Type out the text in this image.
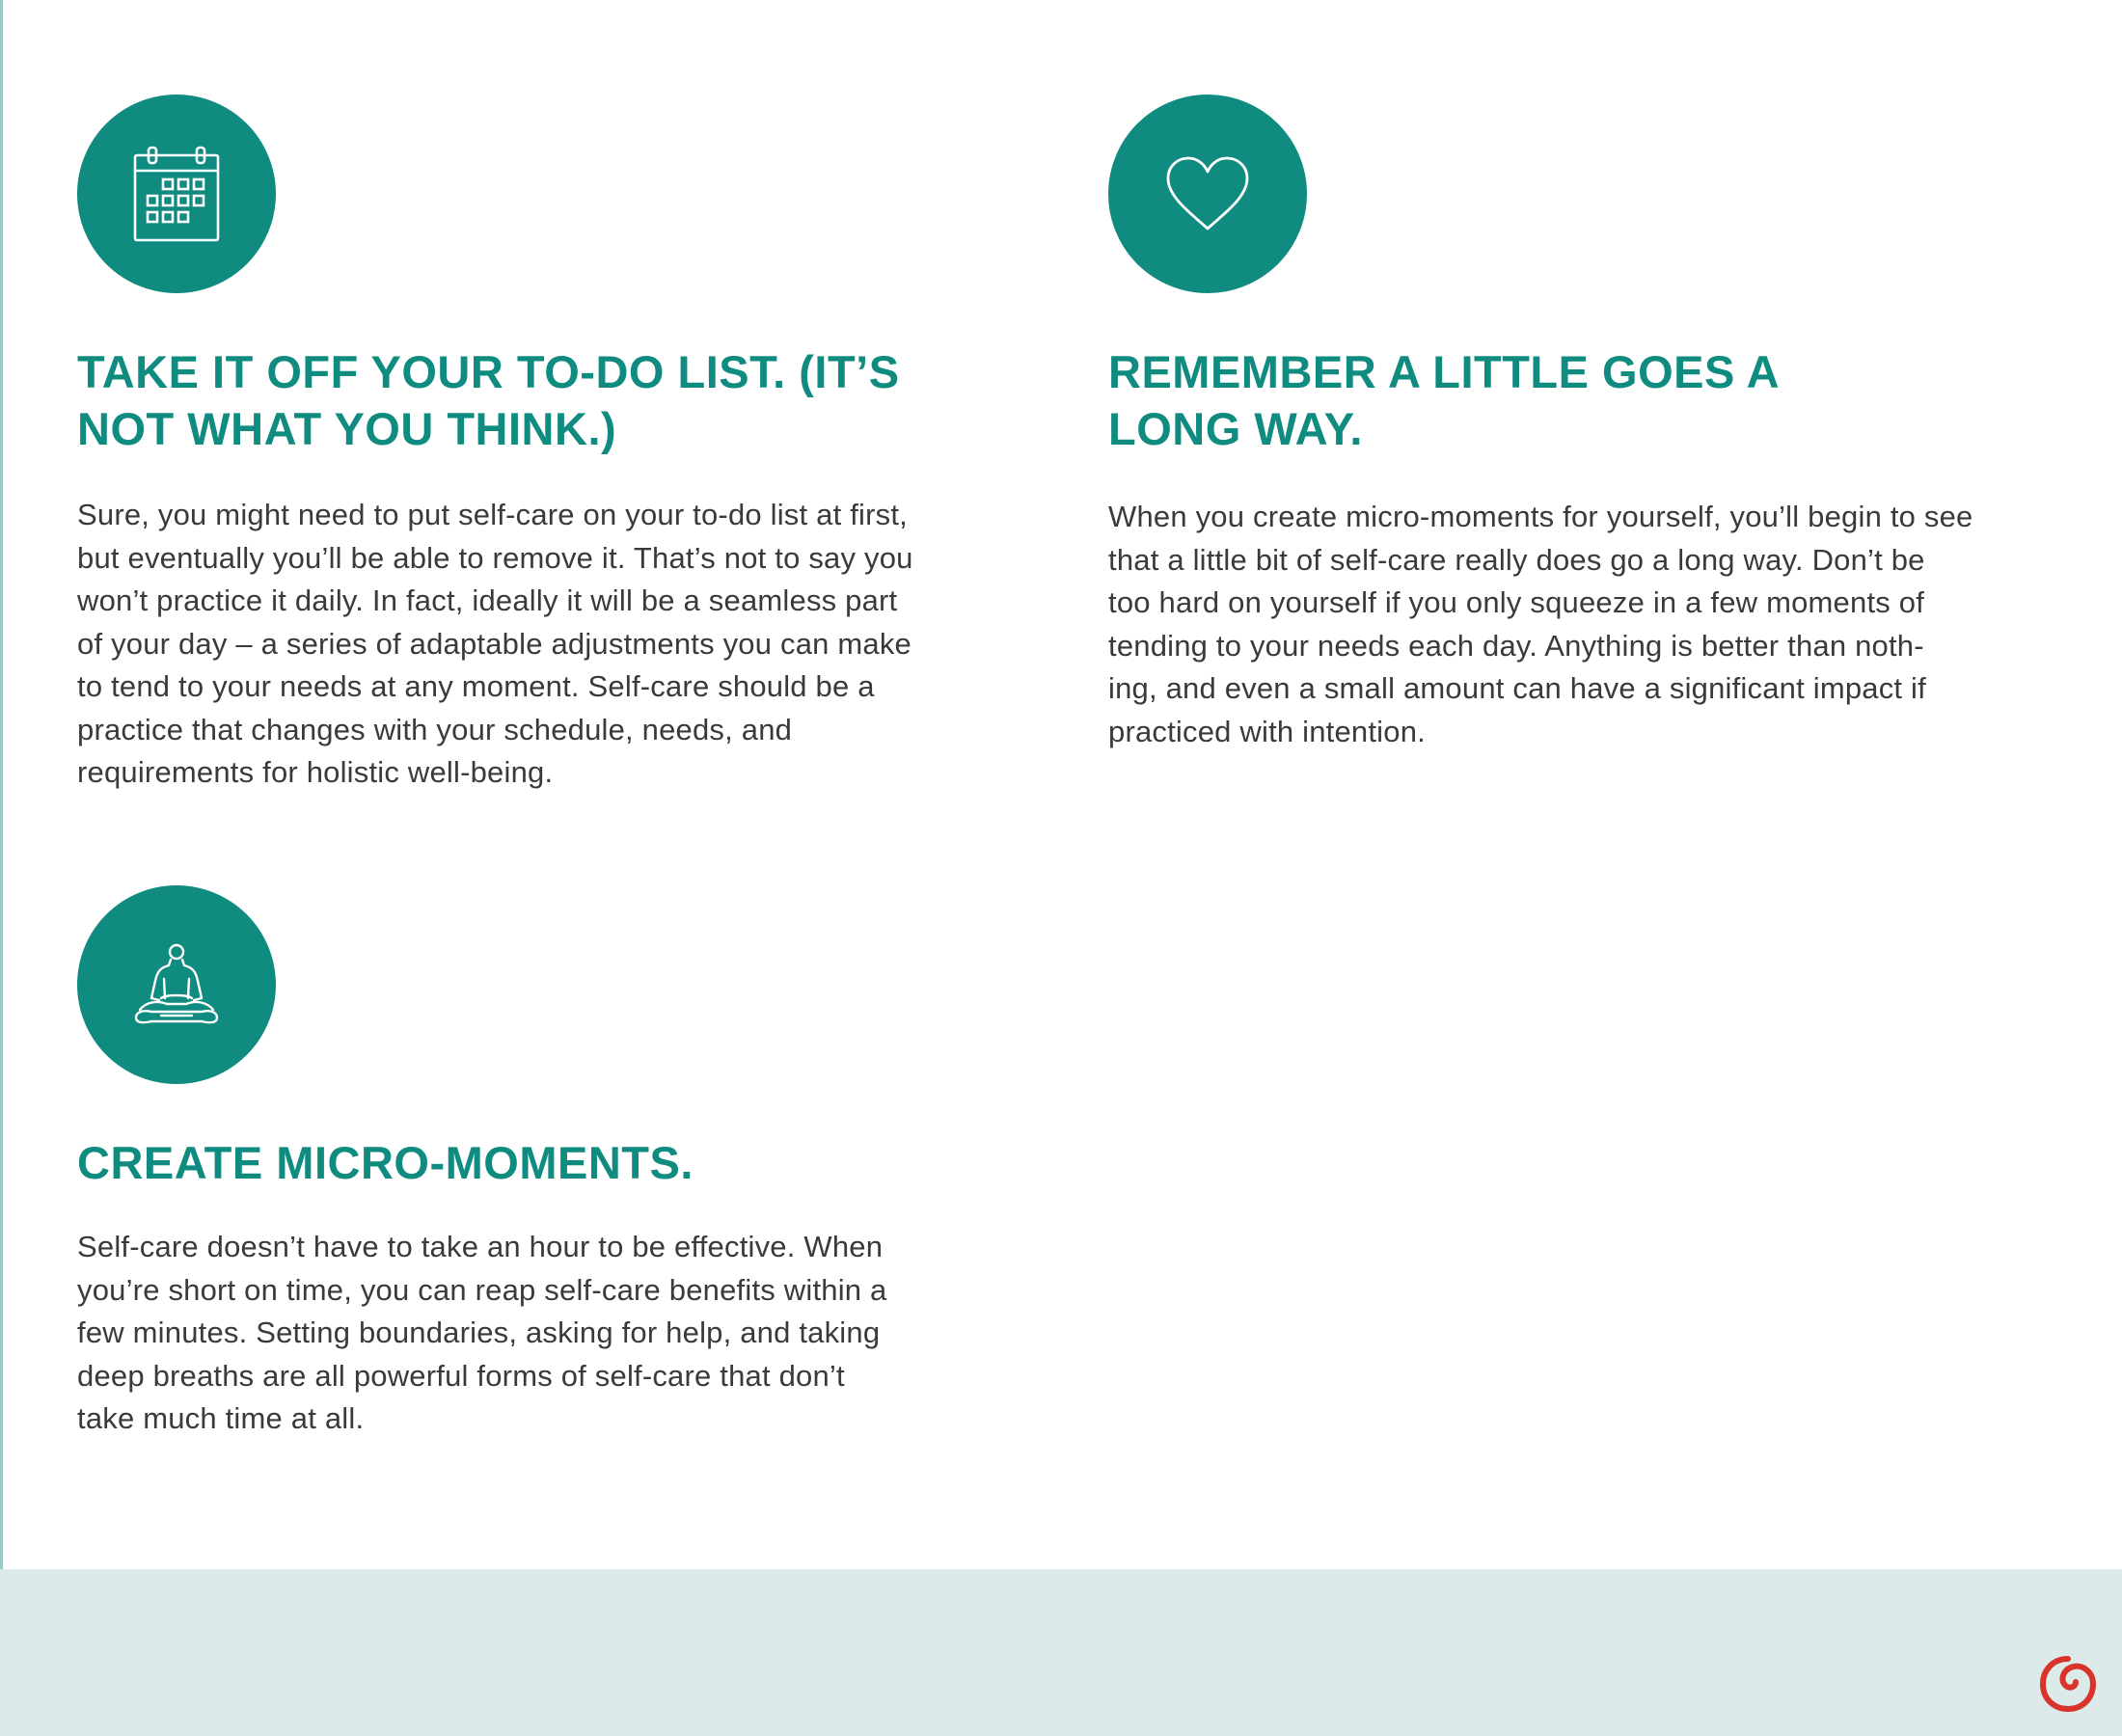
TAKE IT OFF YOUR TO-DO LIST. (IT’S
NOT WHAT YOU THINK.)

Sure, you might need to put self-care on your to-do list at first,
but eventually you’ll be able to remove it. That’s not to say you
won’t practice it daily. In fact, ideally it will be a seamless part
of your day – a series of adaptable adjustments you can make
to tend to your needs at any moment. Self-care should be a
practice that changes with your schedule, needs, and
requirements for holistic well-being.

REMEMBER A LITTLE GOES A
LONG WAY.

When you create micro-moments for yourself, you’ll begin to see
that a little bit of self-care really does go a long way. Don’t be
too hard on yourself if you only squeeze in a few moments of
tending to your needs each day. Anything is better than noth-
ing, and even a small amount can have a significant impact if
practiced with intention.

CREATE MICRO-MOMENTS.

Self-care doesn’t have to take an hour to be effective. When
you’re short on time, you can reap self-care benefits within a
few minutes. Setting boundaries, asking for help, and taking
deep breaths are all powerful forms of self-care that don’t
take much time at all.
